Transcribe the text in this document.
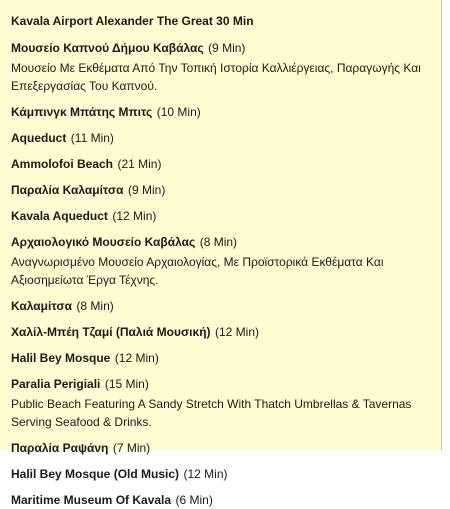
Kavala Airport Alexander The Great 30 Min
Μουσείο Καπνού Δήμου Καβάλας (9 Min)
Μουσείο Με Εκθέματα Από Την Τοπική Ιστορία Καλλιέργειας, Παραγωγής Και Επεξεργασίας Του Καπνού.
Κάμπινγκ Μπάτης Μπιτς (10 Min)
Aqueduct (11 Min)
Ammolofoi Beach (21 Min)
Παραλία Καλαμίτσα (9 Min)
Kavala Aqueduct (12 Min)
Αρχαιολογικό Μουσείο Καβάλας (8 Min)
Αναγνωρισμένο Μουσείο Αρχαιολογίας, Με Προϊστορικά Εκθέματα Και Αξιοσημείωτα Έργα Τέχνης.
Καλαμίτσα (8 Min)
Χαλίλ-Μπέη Τζαμί (Παλιά Μουσική) (12 Min)
Halil Bey Mosque (12 Min)
Paralia Perigiali (15 Min)
Public Beach Featuring A Sandy Stretch With Thatch Umbrellas & Tavernas Serving Seafood & Drinks.
Παραλία Ραψάνη (7 Min)
Halil Bey Mosque (Old Music) (12 Min)
Maritime Museum Of Kavala (6 Min)
